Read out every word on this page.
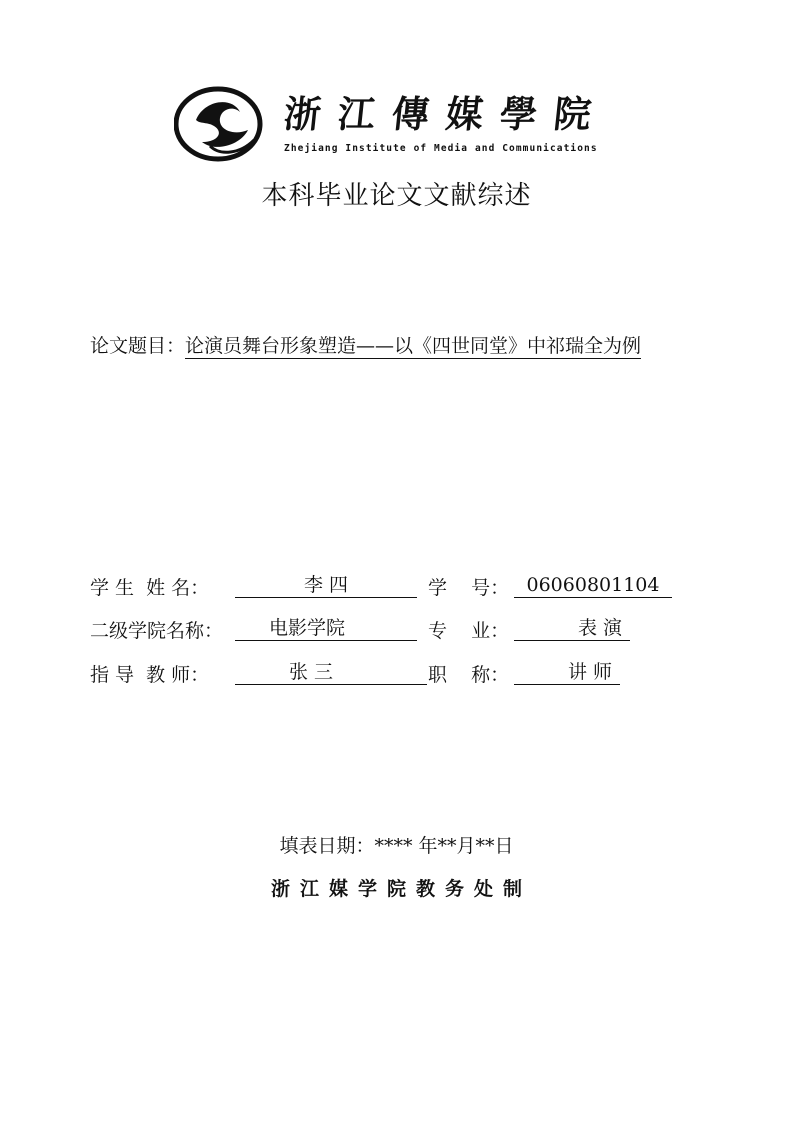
浙江傳媒學院
Zhejiang Institute of Media and Communications
本科毕业论文文献综述
论文题目：论演员舞台形象塑造——以《四世同堂》中祁瑞全为例
学 生  姓 名：	李 四	学    号： 06060801104
二级学院名称：	电影学院	专    业：	表 演
指 导  教 师：	张 三	职    称：	讲 师
填表日期：**** 年**月**日
浙江媒学院教务处制
